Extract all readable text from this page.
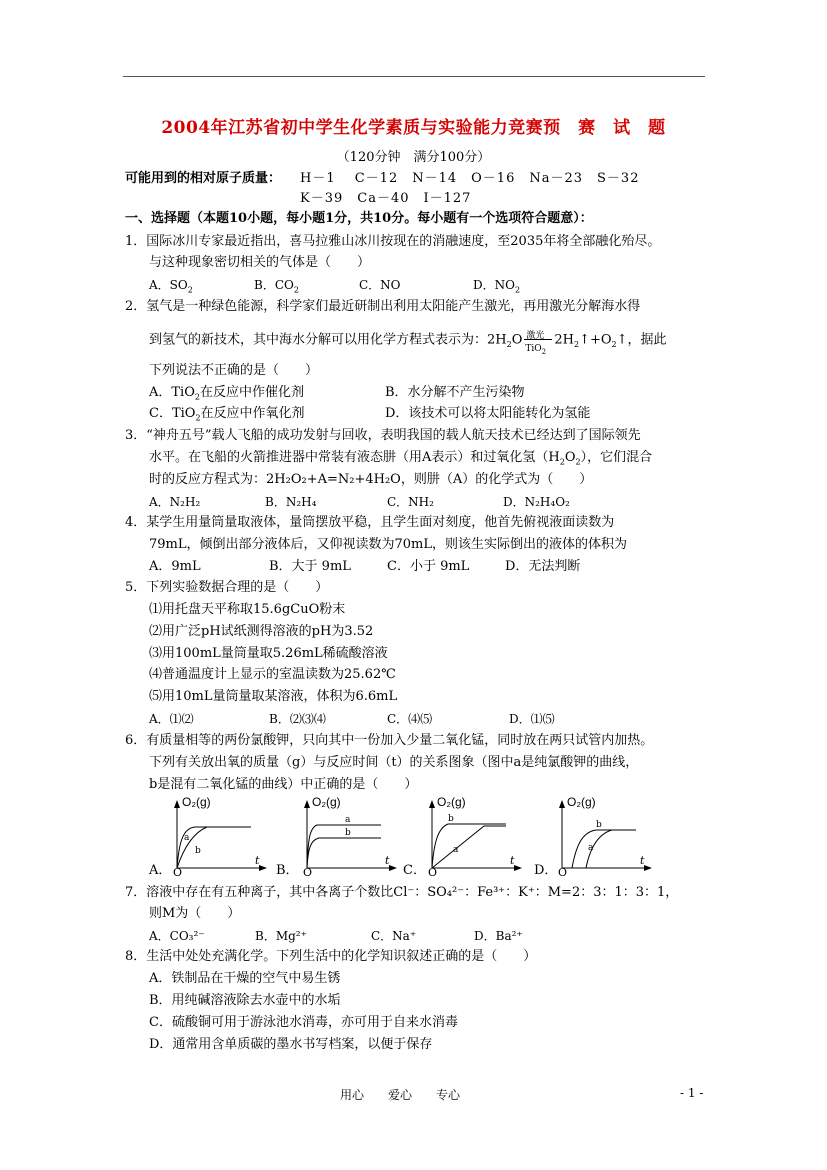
2004年江苏省初中学生化学素质与实验能力竞赛预　赛　试　题
（120分钟　满分100分）
可能用到的相对原子质量： H－1　 C－12　N－14　O－16　Na－23　S－32
K－39　Ca－40　I－127
一、选择题（本题10小题，每小题1分，共10分。每小题有一个选项符合题意）：
1．国际冰川专家最近指出，喜马拉雅山冰川按现在的消融速度，至2035年将全部融化殆尽。
与这种现象密切相关的气体是（　　）
A．$SO_2$	B．$CO_2$	C．NO	D．$NO_2$
2．氢气是一种绿色能源，科学家们最近研制出利用太阳能产生激光，再用激光分解海水得
到氢气的新技术，其中海水分解可以用化学方程式表示为：$2H_2O$ 激光
TiO$_2$
$2H_2↑+O_2↑$，据此
下列说法不正确的是（　　）
A．TiO$_2$在反应中作催化剂	B．水分解不产生污染物
C．TiO$_2$在反应中作氧化剂	D．该技术可以将太阳能转化为氢能
3．“神舟五号”载人飞船的成功发射与回收，表明我国的载人航天技术已经达到了国际领先
水平。在飞船的火箭推进器中常装有液态肼（用A表示）和过氧化氢$(H_2O_2)$，它们混合
时的反应方程式为：2H₂O₂+A=N₂+4H₂O，则肼（A）的化学式为（　　）
A．N₂H₂	B．N₂H₄	C．NH₂	D．N₂H₄O₂
4．某学生用量筒量取液体，量筒摆放平稳，且学生面对刻度，他首先俯视液面读数为
79mL，倾倒出部分液体后，又仰视读数为70mL，则该生实际倒出的液体的体积为
A．9mL	B．大于 9mL	C．小于 9mL	D．无法判断
5．下列实验数据合理的是（　　）
⑴用托盘天平称取15.6gCuO粉末
⑵用广泛pH试纸测得溶液的pH为3.52
⑶用100mL量筒量取5.26mL稀硫酸溶液
⑷普通温度计上显示的室温读数为25.62℃
⑸用10mL量筒量取某溶液，体积为6.6mL
A．⑴⑵	B．⑵⑶⑷	C．⑷⑸	D．⑴⑸
6．有质量相等的两份氯酸钾，只向其中一份加入少量二氧化锰，同时放在两只试管内加热。
下列有关放出氧的质量（g）与反应时间（t）的关系图象（图中a是纯氯酸钾的曲线，
b是混有二氧化锰的曲线）中正确的是（　　）
A．
O₂(g)
a
b
O
t
B．
O₂(g)
a
b
O
t
C．
O₂(g)
b
a
O
t
D．
O₂(g)
b
a
O
t
7．溶液中存在有五种离子，其中各离子个数比Cl⁻：SO₄²⁻：Fe³⁺：K⁺：M=2：3：1：3：1，
则M为（　　）
A．CO₃²⁻	B．Mg²⁺	C．Na⁺	D．Ba²⁺
8．生活中处处充满化学。下列生活中的化学知识叙述正确的是（　　）
A．铁制品在干燥的空气中易生锈
B．用纯碱溶液除去水壶中的水垢
C．硫酸铜可用于游泳池水消毒，亦可用于自来水消毒
D．通常用含单质碳的墨水书写档案，以便于保存
用心　　爱心　　专心	- 1 -
